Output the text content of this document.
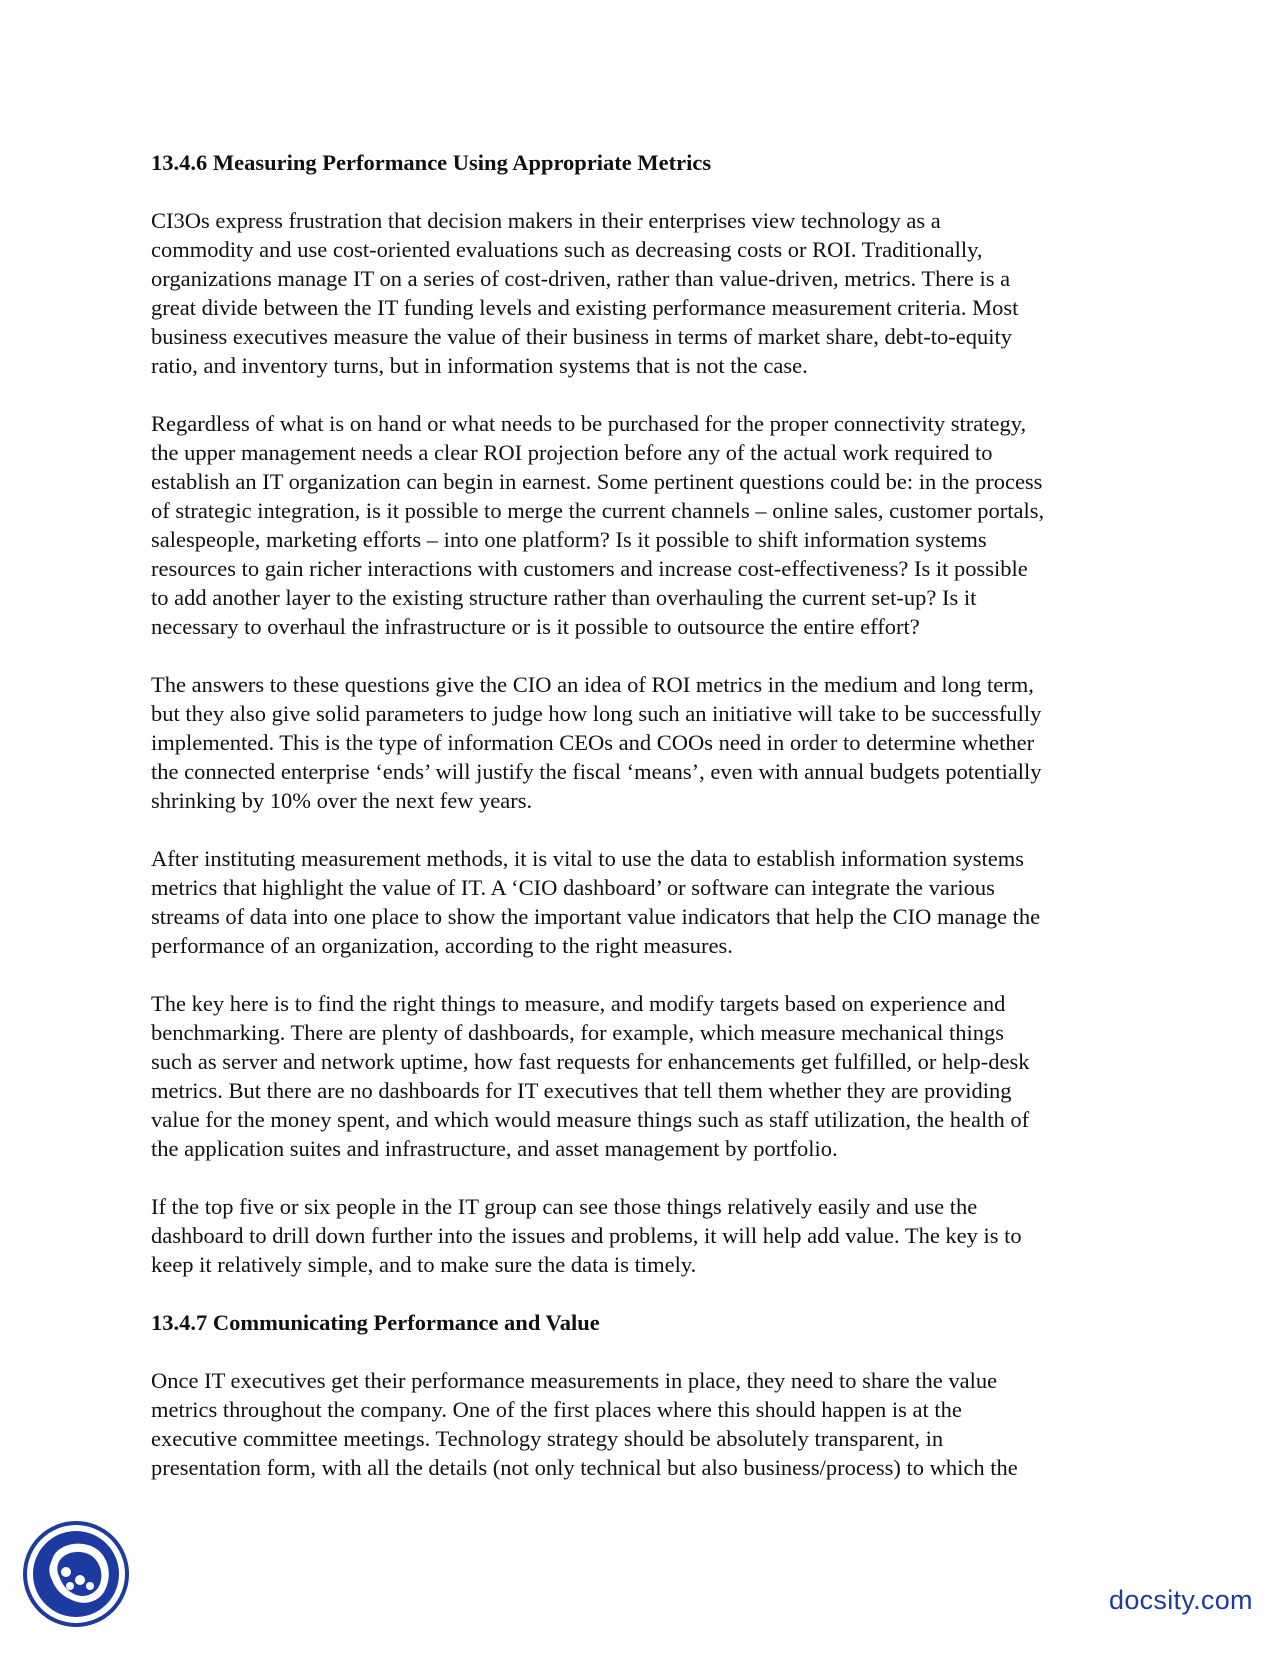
13.4.6 Measuring Performance Using Appropriate Metrics
CI3Os express frustration that decision makers in their enterprises view technology as a
commodity and use cost-oriented evaluations such as decreasing costs or ROI. Traditionally,
organizations manage IT on a series of cost-driven, rather than value-driven, metrics. There is a
great divide between the IT funding levels and existing performance measurement criteria. Most
business executives measure the value of their business in terms of market share, debt-to-equity
ratio, and inventory turns, but in information systems that is not the case.
Regardless of what is on hand or what needs to be purchased for the proper connectivity strategy,
the upper management needs a clear ROI projection before any of the actual work required to
establish an IT organization can begin in earnest. Some pertinent questions could be: in the process
of strategic integration, is it possible to merge the current channels – online sales, customer portals,
salespeople, marketing efforts – into one platform? Is it possible to shift information systems
resources to gain richer interactions with customers and increase cost-effectiveness? Is it possible
to add another layer to the existing structure rather than overhauling the current set-up? Is it
necessary to overhaul the infrastructure or is it possible to outsource the entire effort?
The answers to these questions give the CIO an idea of ROI metrics in the medium and long term,
but they also give solid parameters to judge how long such an initiative will take to be successfully
implemented. This is the type of information CEOs and COOs need in order to determine whether
the connected enterprise ‘ends’ will justify the fiscal ‘means’, even with annual budgets potentially
shrinking by 10% over the next few years.
After instituting measurement methods, it is vital to use the data to establish information systems
metrics that highlight the value of IT. A ‘CIO dashboard’ or software can integrate the various
streams of data into one place to show the important value indicators that help the CIO manage the
performance of an organization, according to the right measures.
The key here is to find the right things to measure, and modify targets based on experience and
benchmarking. There are plenty of dashboards, for example, which measure mechanical things
such as server and network uptime, how fast requests for enhancements get fulfilled, or help-desk
metrics. But there are no dashboards for IT executives that tell them whether they are providing
value for the money spent, and which would measure things such as staff utilization, the health of
the application suites and infrastructure, and asset management by portfolio.
If the top five or six people in the IT group can see those things relatively easily and use the
dashboard to drill down further into the issues and problems, it will help add value. The key is to
keep it relatively simple, and to make sure the data is timely.
13.4.7 Communicating Performance and Value
Once IT executives get their performance measurements in place, they need to share the value
metrics throughout the company. One of the first places where this should happen is at the
executive committee meetings. Technology strategy should be absolutely transparent, in
presentation form, with all the details (not only technical but also business/process) to which the
docsity.com
